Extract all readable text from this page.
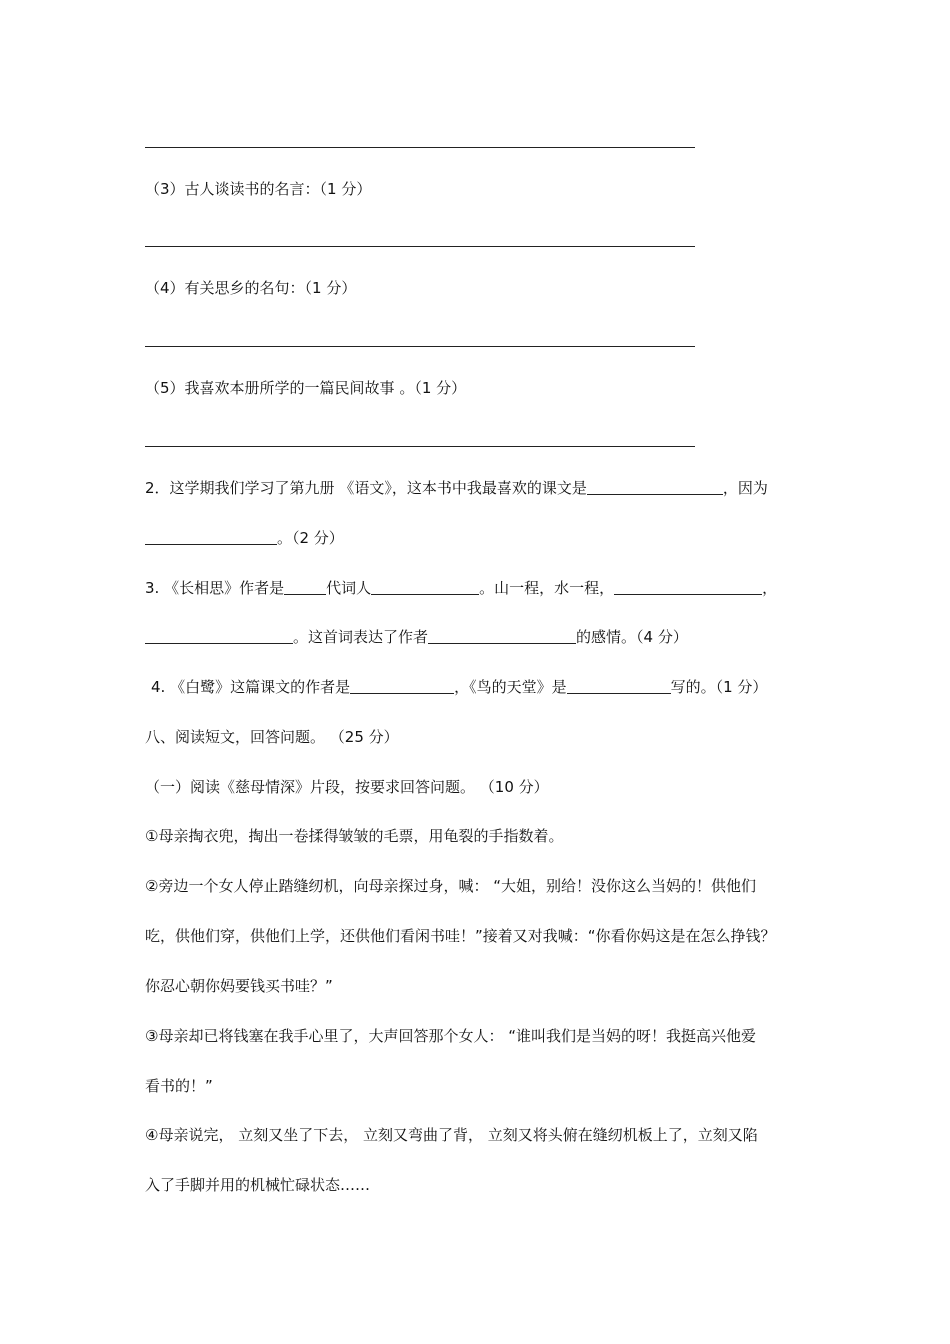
（3）古人谈读书的名言：（1 分）
（4）有关思乡的名句：（1 分）
（5）我喜欢本册所学的一篇民间故事 。（1 分）
2．这学期我们学习了第九册 《语文》，这本书中我最喜欢的课文是	，因为
。（2 分）
3. 《长相思》作者是	代词人	。山一程，水一程，	，
。这首词表达了作者	的感情。（4 分）
4. 《白鹭》这篇课文的作者是	，《鸟的天堂》是	写的。（1 分）
八、阅读短文，回答问题。 （25 分）
（一）阅读《慈母情深》片段，按要求回答问题。 （10 分）
①母亲掏衣兜，掏出一卷揉得皱皱的毛票，用龟裂的手指数着。
②旁边一个女人停止踏缝纫机，向母亲探过身，喊： “大姐，别给！没你这么当妈的！供他们
吃，供他们穿，供他们上学，还供他们看闲书哇！”接着又对我喊：“你看你妈这是在怎么挣钱？
你忍心朝你妈要钱买书哇？”
③母亲却已将钱塞在我手心里了，大声回答那个女人： “谁叫我们是当妈的呀！我挺高兴他爱
看书的！”
④母亲说完， 立刻又坐了下去， 立刻又弯曲了背， 立刻又将头俯在缝纫机板上了，立刻又陷
入了手脚并用的机械忙碌状态……
